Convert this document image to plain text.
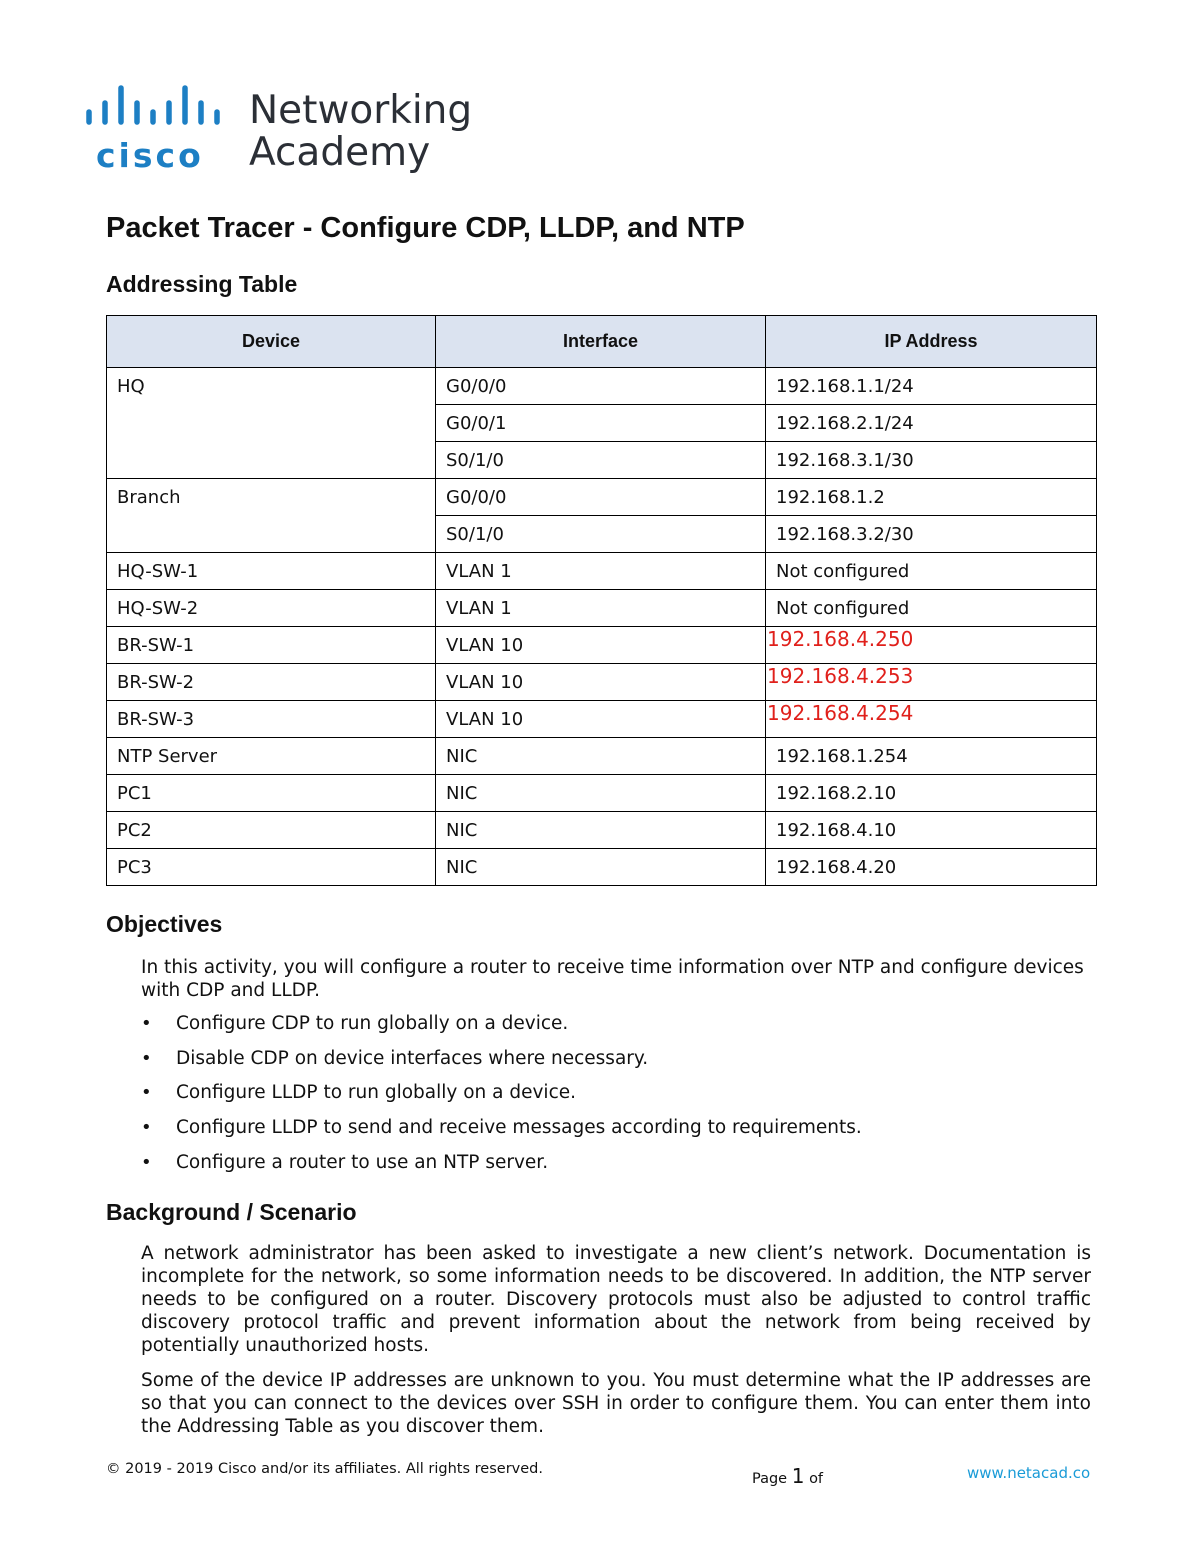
cisco
Networking
Academy
Packet Tracer - Configure CDP, LLDP, and NTP
Addressing Table
Device	Interface	IP Address
HQ	G0/0/0	192.168.1.1/24
	G0/0/1	192.168.2.1/24
	S0/1/0	192.168.3.1/30
Branch	G0/0/0	192.168.1.2
	S0/1/0	192.168.3.2/30
HQ-SW-1	VLAN 1	Not configured
HQ-SW-2	VLAN 1	Not configured
BR-SW-1	VLAN 10	192.168.4.250
BR-SW-2	VLAN 10	192.168.4.253
BR-SW-3	VLAN 10	192.168.4.254
NTP Server	NIC	192.168.1.254
PC1	NIC	192.168.2.10
PC2	NIC	192.168.4.10
PC3	NIC	192.168.4.20
Objectives

In this activity, you will configure a router to receive time information over NTP and configure devices with CDP and LLDP.

• Configure CDP to run globally on a device.
• Disable CDP on device interfaces where necessary.
• Configure LLDP to run globally on a device.
• Configure LLDP to send and receive messages according to requirements.
• Configure a router to use an NTP server.
Background / Scenario

A network administrator has been asked to investigate a new client’s network. Documentation is incomplete for the network, so some information needs to be discovered. In addition, the NTP server needs to be configured on a router. Discovery protocols must also be adjusted to control traffic discovery protocol traffic and prevent information about the network from being received by potentially unauthorized hosts.

Some of the device IP addresses are unknown to you. You must determine what the IP addresses are so that you can connect to the devices over SSH in order to configure them. You can enter them into the Addressing Table as you discover them.

© 2019 - 2019 Cisco and/or its affiliates. All rights reserved.
Page 1 of	www.netacad.co
